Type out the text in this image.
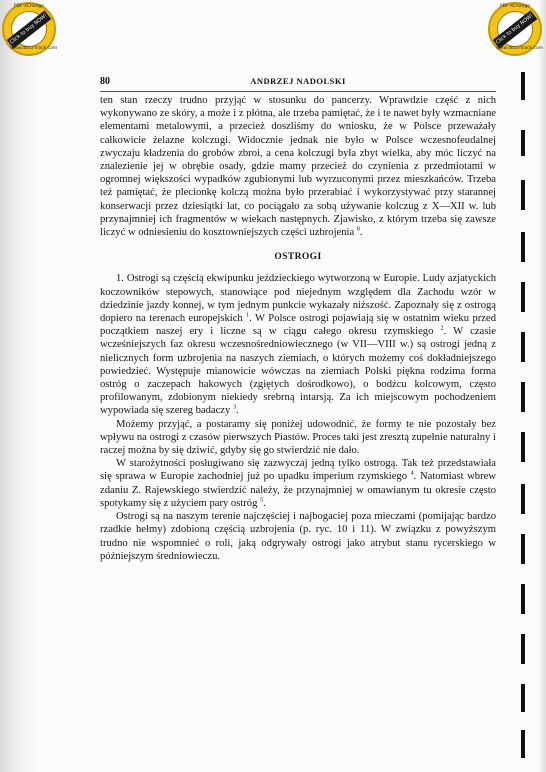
PDF-XChange
Click to buy NOW!
www.docu-track.com
PDF-XChange
Click to buy NOW!
www.docu-track.com
80	ANDRZEJ NADOLSKI

ten stan rzeczy trudno przyjąć w stosunku do pancerzy. Wprawdzie część z nich wykonywano ze skóry, a może i z płótna, ale trzeba pamiętać, że i te nawet były wzmacniane elementami metalowymi, a przecież doszliśmy do wniosku, że w Polsce przeważały całkowicie żelazne kolczugi. Widocznie jednak nie było w Polsce wczesnofeudalnej zwyczaju kładzenia do grobów zbroi, a cena kolczugi była zbyt wielka, aby móc liczyć na znalezienie jej w obrębie osady, gdzie mamy przecież do czynienia z przedmiotami w ogromnej większości wypadków zgubionymi lub wyrzuconymi przez mieszkańców. Trzeba też pamiętać, że plecionkę kolczą można było przerabiać i wykorzystywać przy starannej konserwacji przez dziesiątki lat, co pociągało za sobą używanie kolczug z X—XII w. lub przynajmniej ich fragmentów w wiekach następnych. Zjawisko, z którym trzeba się zawsze liczyć w odniesieniu do kosztowniejszych części uzbrojenia $^8$.

OSTROGI

1. Ostrogi są częścią ekwipunku jeździeckiego wytworzoną w Europie. Ludy azjatyckich koczowników stepowych, stanowiące pod niejednym względem dla Zachodu wzór w dziedzinie jazdy konnej, w tym jednym punkcie wykazały niższość. Zapoznały się z ostrogą dopiero na terenach europejskich $^1$. W Polsce ostrogi pojawiają się w ostatnim wieku przed początkiem naszej ery i liczne są w ciągu całego okresu rzymskiego $^2$. W czasie wcześniejszych faz okresu wczesnośredniowiecznego (w VII—VIII w.) są ostrogi jedną z nielicznych form uzbrojenia na naszych ziemiach, o których możemy coś dokładniejszego powiedzieć. Występuje mianowicie wówczas na ziemiach Polski piękna rodzima forma ostróg o zaczepach hakowych (zgiętych dośrodkowo), o bodźcu kolcowym, często profilowanym, zdobionym niekiedy srebrną intarsją. Za ich miejscowym pochodzeniem wypowiada się szereg badaczy $^3$.

Możemy przyjąć, a postaramy się poniżej udowodnić, że formy te nie pozostały bez wpływu na ostrogi z czasów pierwszych Piastów. Proces taki jest zresztą zupełnie naturalny i raczej można by się dziwić, gdyby się go stwierdzić nie dało.

W starożytności posługiwano się zazwyczaj jedną tylko ostrogą. Tak też przedstawiała się sprawa w Europie zachodniej już po upadku imperium rzymskiego $^4$. Natomiast wbrew zdaniu Z. Rajewskiego stwierdzić należy, że przynajmniej w omawianym tu okresie często spotykamy się z użyciem pary ostróg $^5$.

Ostrogi są na naszym terenie najczęściej i najbogaciej poza mieczami (pomijając bardzo rzadkie hełmy) zdobioną częścią uzbrojenia (p. ryc. 10 i 11). W związku z powyższym trudno nie wspomnieć o roli, jaką odgrywały ostrogi jako atrybut stanu rycerskiego w późniejszym średniowieczu.
